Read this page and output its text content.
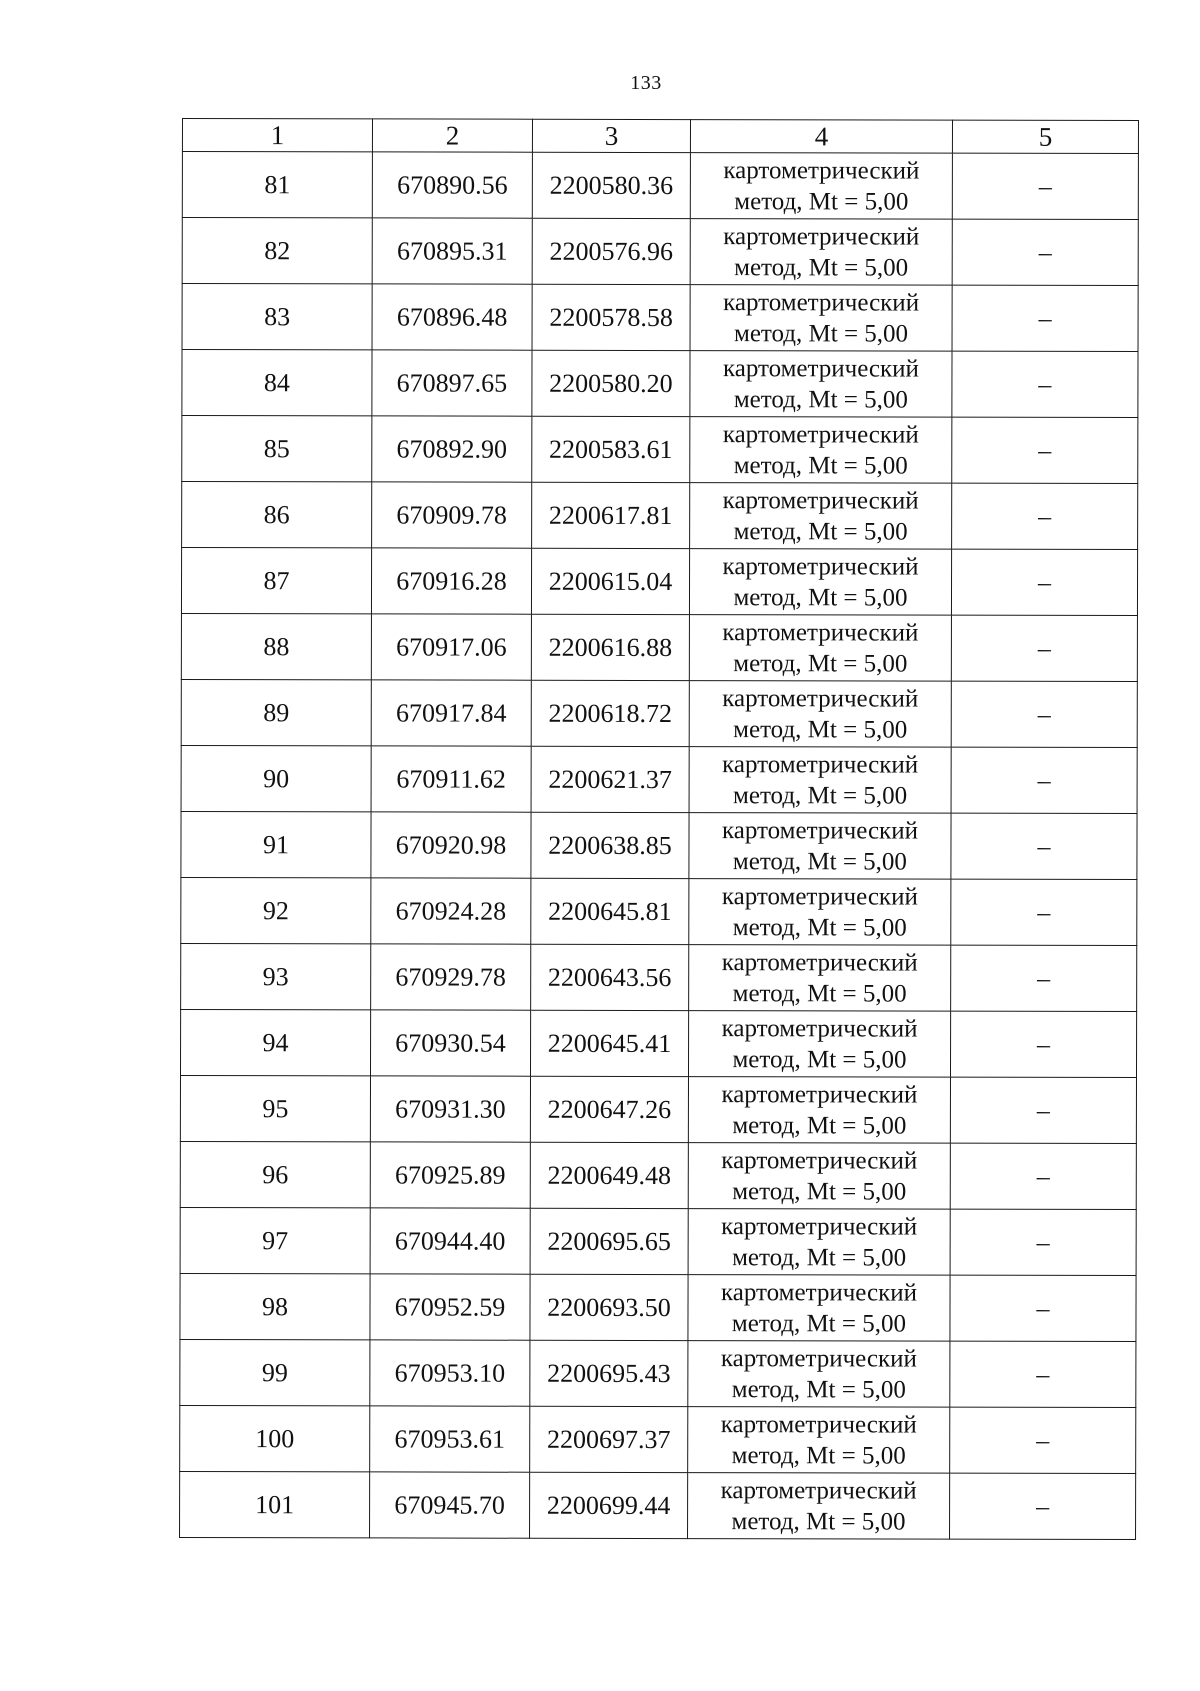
133
1	2	3	4	5
81	670890.56	2200580.36	картометрический
метод, Mt = 5,00	–
82	670895.31	2200576.96	картометрический
метод, Mt = 5,00	–
83	670896.48	2200578.58	картометрический
метод, Mt = 5,00	–
84	670897.65	2200580.20	картометрический
метод, Mt = 5,00	–
85	670892.90	2200583.61	картометрический
метод, Mt = 5,00	–
86	670909.78	2200617.81	картометрический
метод, Mt = 5,00	–
87	670916.28	2200615.04	картометрический
метод, Mt = 5,00	–
88	670917.06	2200616.88	картометрический
метод, Mt = 5,00	–
89	670917.84	2200618.72	картометрический
метод, Mt = 5,00	–
90	670911.62	2200621.37	картометрический
метод, Mt = 5,00	–
91	670920.98	2200638.85	картометрический
метод, Mt = 5,00	–
92	670924.28	2200645.81	картометрический
метод, Mt = 5,00	–
93	670929.78	2200643.56	картометрический
метод, Mt = 5,00	–
94	670930.54	2200645.41	картометрический
метод, Mt = 5,00	–
95	670931.30	2200647.26	картометрический
метод, Mt = 5,00	–
96	670925.89	2200649.48	картометрический
метод, Mt = 5,00	–
97	670944.40	2200695.65	картометрический
метод, Mt = 5,00	–
98	670952.59	2200693.50	картометрический
метод, Mt = 5,00	–
99	670953.10	2200695.43	картометрический
метод, Mt = 5,00	–
100	670953.61	2200697.37	картометрический
метод, Mt = 5,00	–
101	670945.70	2200699.44	картометрический
метод, Mt = 5,00	–
